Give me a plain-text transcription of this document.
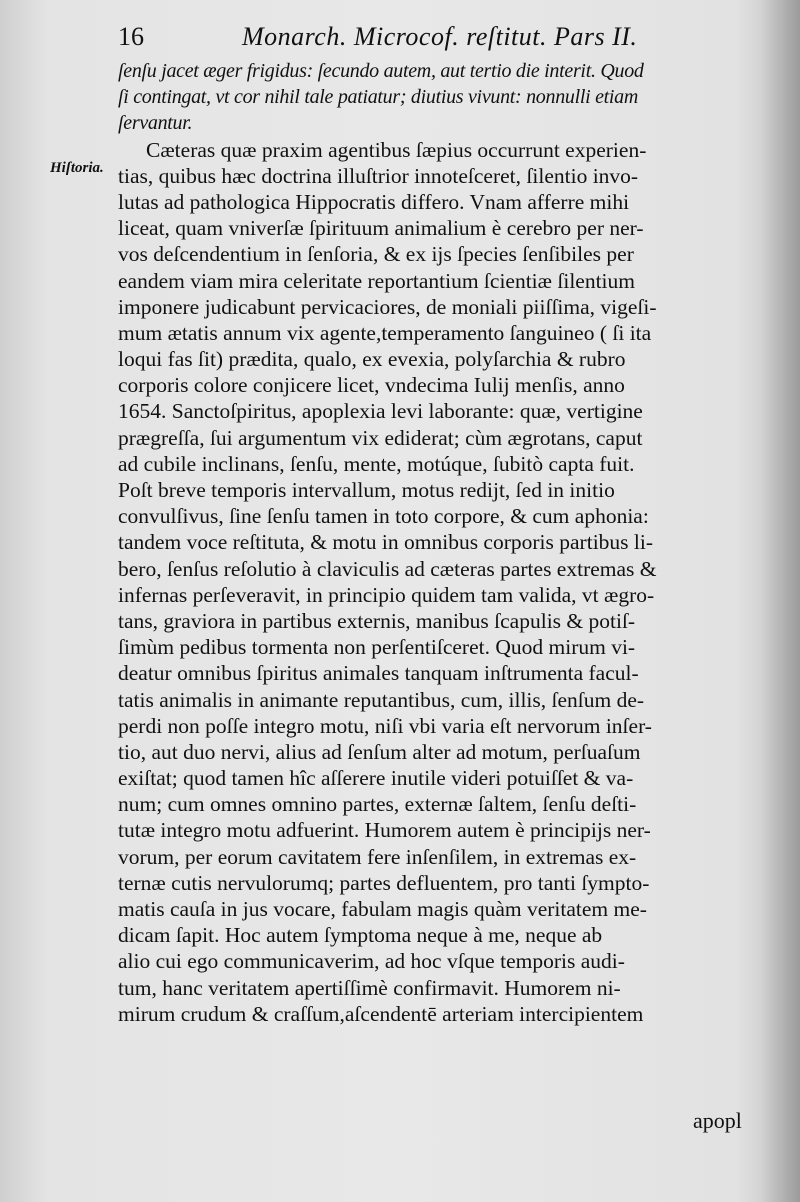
16	Monarch. Microcof. reſtitut. Pars II.
Hiſtoria.
ſenſu jacet æger frigidus: ſecundo autem, aut tertio die interit. Quod
ſi contingat, vt cor nihil tale patiatur; diutius vivunt: nonnulli etiam
ſervantur.
Cæteras quæ praxim agentibus ſæpius occurrunt experien-
tias, quibus hæc doctrina illuſtrior innoteſceret, ſilentio invo-
lutas ad pathologica Hippocratis differo. Vnam afferre mihi
liceat, quam vniverſæ ſpirituum animalium è cerebro per ner-
vos deſcendentium in ſenſoria, & ex ijs ſpecies ſenſibiles per
eandem viam mira celeritate reportantium ſcientiæ ſilentium
imponere judicabunt pervicaciores, de moniali piiſſima, vigeſi-
mum ætatis annum vix agente,temperamento ſanguineo ( ſi ita
loqui fas ſit) prædita, qualo, ex evexia, polyſarchia & rubro
corporis colore conjicere licet, vndecima Iulij menſis, anno
1654. Sanctoſpiritus, apoplexia levi laborante: quæ, vertigine
prægreſſa, ſui argumentum vix ediderat; cùm ægrotans, caput
ad cubile inclinans, ſenſu, mente, motúque, ſubitò capta fuit.
Poſt breve temporis intervallum, motus redijt, ſed in initio
convulſivus, ſine ſenſu tamen in toto corpore, & cum aphonia:
tandem voce reſtituta, & motu in omnibus corporis partibus li-
bero, ſenſus reſolutio à claviculis ad cæteras partes extremas &
infernas perſeveravit, in principio quidem tam valida, vt ægro-
tans, graviora in partibus externis, manibus ſcapulis & potiſ-
ſimùm pedibus tormenta non perſentiſceret. Quod mirum vi-
deatur omnibus ſpiritus animales tanquam inſtrumenta facul-
tatis animalis in animante reputantibus, cum, illis, ſenſum de-
perdi non poſſe integro motu, niſi vbi varia eſt nervorum inſer-
tio, aut duo nervi, alius ad ſenſum alter ad motum, perſuaſum
exiſtat; quod tamen hîc aſſerere inutile videri potuiſſet & va-
num; cum omnes omnino partes, externæ ſaltem, ſenſu deſti-
tutæ integro motu adfuerint. Humorem autem è principijs ner-
vorum, per eorum cavitatem fere inſenſilem, in extremas ex-
ternæ cutis nervulorumq; partes defluentem, pro tanti ſympto-
matis cauſa in jus vocare, fabulam magis quàm veritatem me-
dicam ſapit. Hoc autem ſymptoma neque à me, neque ab
alio cui ego communicaverim, ad hoc vſque temporis audi-
tum, hanc veritatem apertiſſimè confirmavit. Humorem ni-
mirum crudum & craſſum,aſcendentē arteriam intercipientem
apopl
